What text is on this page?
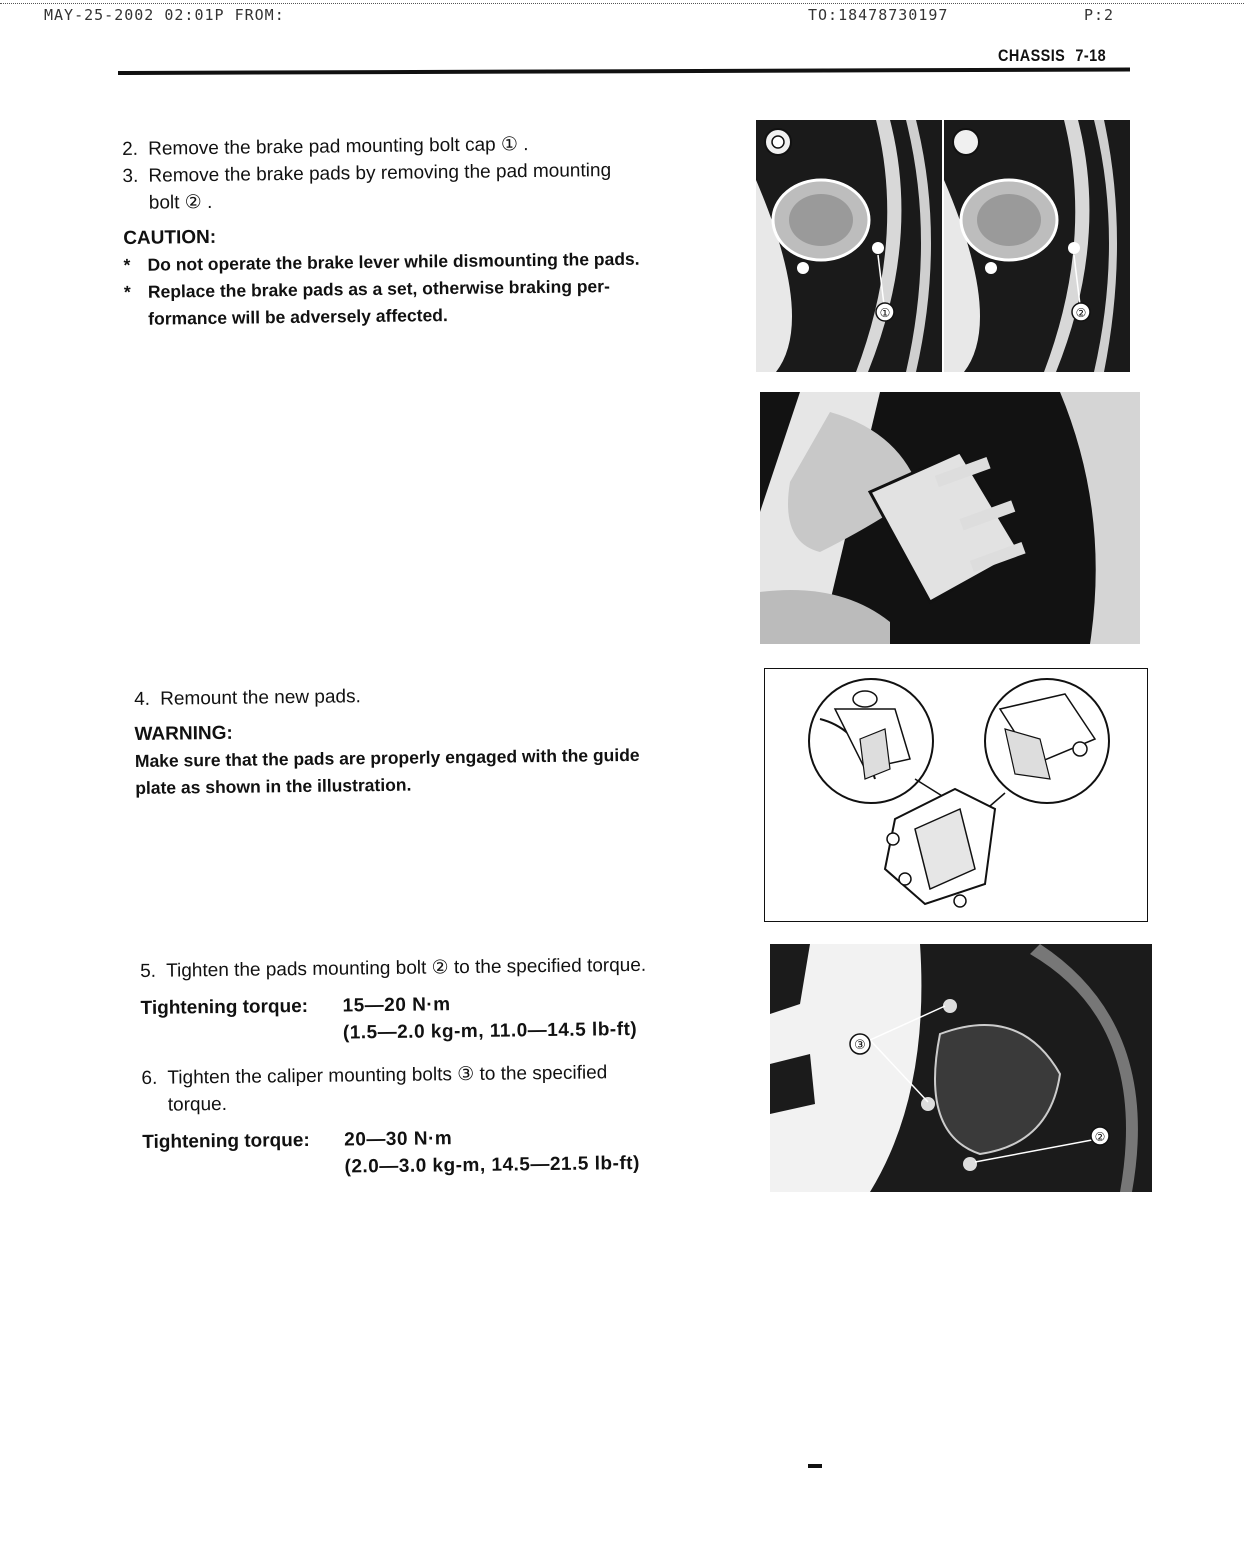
MAY-25-2002 02:01P FROM:	TO:18478730197	P:2
CHASSIS 7-18

2. Remove the brake pad mounting bolt cap ① .

3. Remove the brake pads by removing the pad mounting

bolt ② .

CAUTION:

* Do not operate the brake lever while dismounting the pads.

* Replace the brake pads as a set, otherwise braking per-

formance will be adversely affected.

4. Remount the new pads.

WARNING:

Make sure that the pads are properly engaged with the guide

plate as shown in the illustration.

5. Tighten the pads mounting bolt ② to the specified torque.

Tightening torque:	15—20 N·m

(1.5—2.0 kg-m, 11.0—14.5 lb-ft)

6. Tighten the caliper mounting bolts ③ to the specified

torque.

Tightening torque:	20—30 N·m

(2.0—3.0 kg-m, 14.5—21.5 lb-ft)

①	②
③
②
